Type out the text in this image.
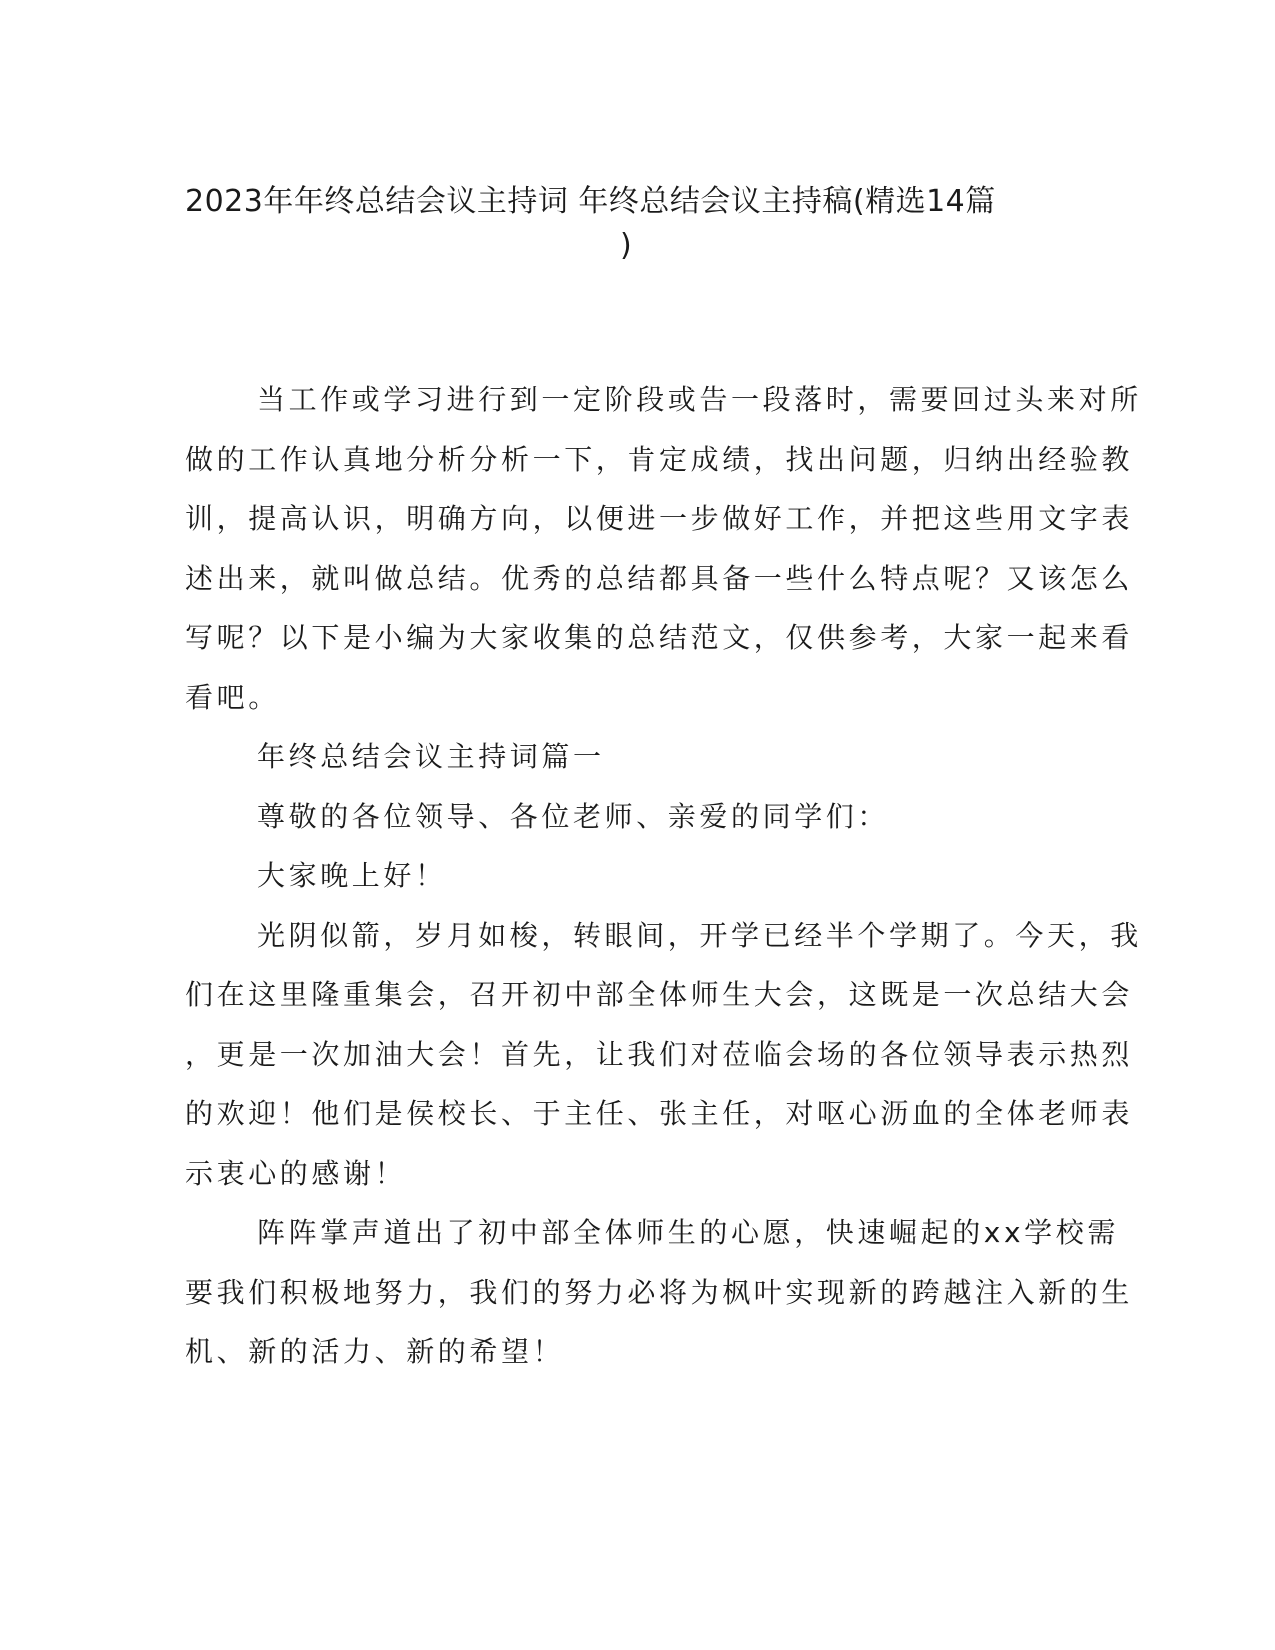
2023年年终总结会议主持词 年终总结会议主持稿(精选14篇
)
当工作或学习进行到一定阶段或告一段落时，需要回过头来对所
做的工作认真地分析分析一下，肯定成绩，找出问题，归纳出经验教
训，提高认识，明确方向，以便进一步做好工作，并把这些用文字表
述出来，就叫做总结。优秀的总结都具备一些什么特点呢？又该怎么
写呢？以下是小编为大家收集的总结范文，仅供参考，大家一起来看
看吧。
年终总结会议主持词篇一
尊敬的各位领导、各位老师、亲爱的同学们：
大家晚上好！
光阴似箭，岁月如梭，转眼间，开学已经半个学期了。今天，我
们在这里隆重集会，召开初中部全体师生大会，这既是一次总结大会
，更是一次加油大会！首先，让我们对莅临会场的各位领导表示热烈
的欢迎！他们是侯校长、于主任、张主任，对呕心沥血的全体老师表
示衷心的感谢！
阵阵掌声道出了初中部全体师生的心愿，快速崛起的xx学校需
要我们积极地努力，我们的努力必将为枫叶实现新的跨越注入新的生
机、新的活力、新的希望！
